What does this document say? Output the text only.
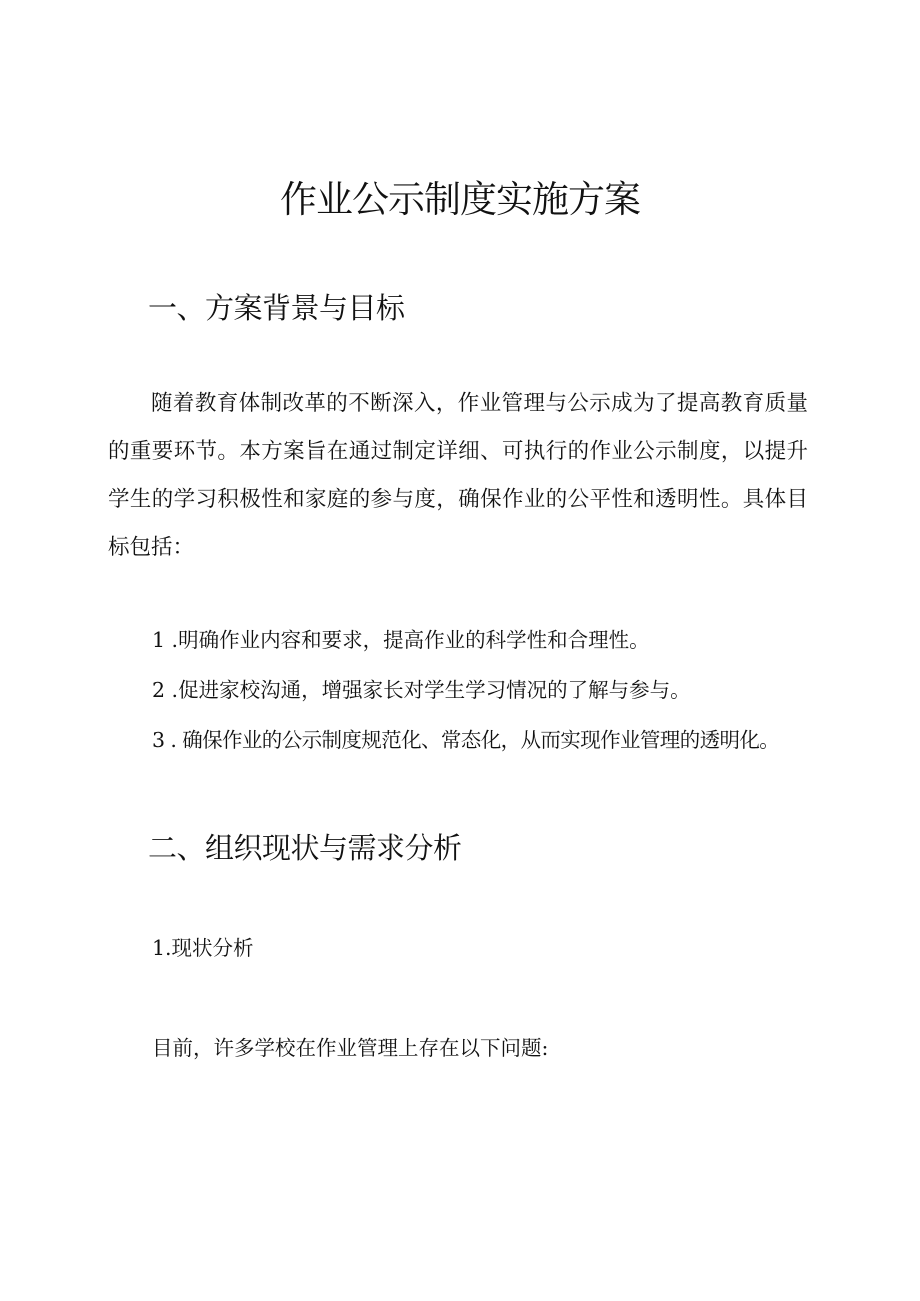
作业公示制度实施方案
一、方案背景与目标

随着教育体制改革的不断深入，作业管理与公示成为了提高教育质量的重要环节。本方案旨在通过制定详细、可执行的作业公示制度，以提升学生的学习积极性和家庭的参与度，确保作业的公平性和透明性。具体目标包括：

1 .明确作业内容和要求，提高作业的科学性和合理性。

2 .促进家校沟通，增强家长对学生学习情况的了解与参与。

3 . 确保作业的公示制度规范化、常态化，从而实现作业管理的透明化。

二、组织现状与需求分析

1.现状分析

目前，许多学校在作业管理上存在以下问题:
